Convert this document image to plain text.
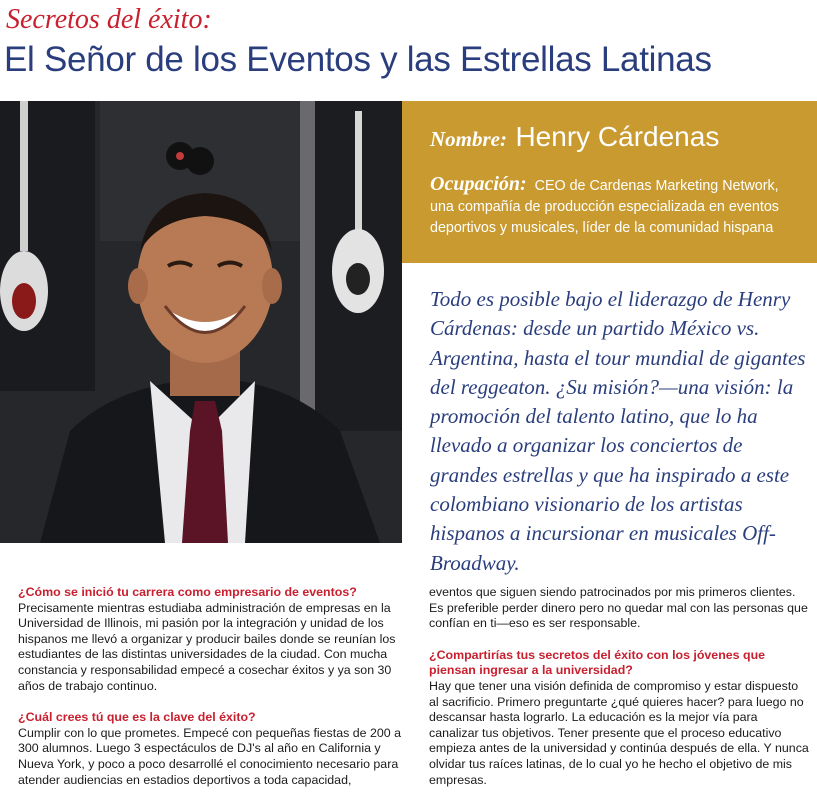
Secretos del éxito:
El Señor de los Eventos y las Estrellas Latinas
Nombre: Henry Cárdenas
Ocupación: CEO de Cardenas Marketing Network, una compañía de producción especializada en eventos deportivos y musicales, líder de la comunidad hispana

Todo es posible bajo el liderazgo de Henry Cárdenas: desde un partido México vs. Argentina, hasta el tour mundial de gigantes del reggeaton. ¿Su misión?—una visión: la promoción del talento latino, que lo ha llevado a organizar los conciertos de grandes estrellas y que ha inspirado a este colombiano visionario de los artistas hispanos a incursionar en musicales Off-Broadway.

¿Cómo se inició tu carrera como empresario de eventos?

Precisamente mientras estudiaba administración de empresas en la Universidad de Illinois, mi pasión por la integración y unidad de los hispanos me llevó a organizar y producir bailes donde se reunían los estudiantes de las distintas universidades de la ciudad. Con mucha constancia y responsabilidad empecé a cosechar éxitos y ya son 30 años de trabajo continuo.

¿Cuál crees tú que es la clave del éxito?

Cumplir con lo que prometes. Empecé con pequeñas fiestas de 200 a 300 alumnos. Luego 3 espectáculos de DJ's al año en California y Nueva York, y poco a poco desarrollé el conocimiento necesario para atender audiencias en estadios deportivos a toda capacidad,

eventos que siguen siendo patrocinados por mis primeros clientes. Es preferible perder dinero pero no quedar mal con las personas que confían en ti—eso es ser responsable.

¿Compartirías tus secretos del éxito con los jóvenes que piensan ingresar a la universidad?

Hay que tener una visión definida de compromiso y estar dispuesto al sacrificio. Primero preguntarte ¿qué quieres hacer? para luego no descansar hasta lograrlo. La educación es la mejor vía para canalizar tus objetivos. Tener presente que el proceso educativo empieza antes de la universidad y continúa después de ella. Y nunca olvidar tus raíces latinas, de lo cual yo he hecho el objetivo de mis empresas.
